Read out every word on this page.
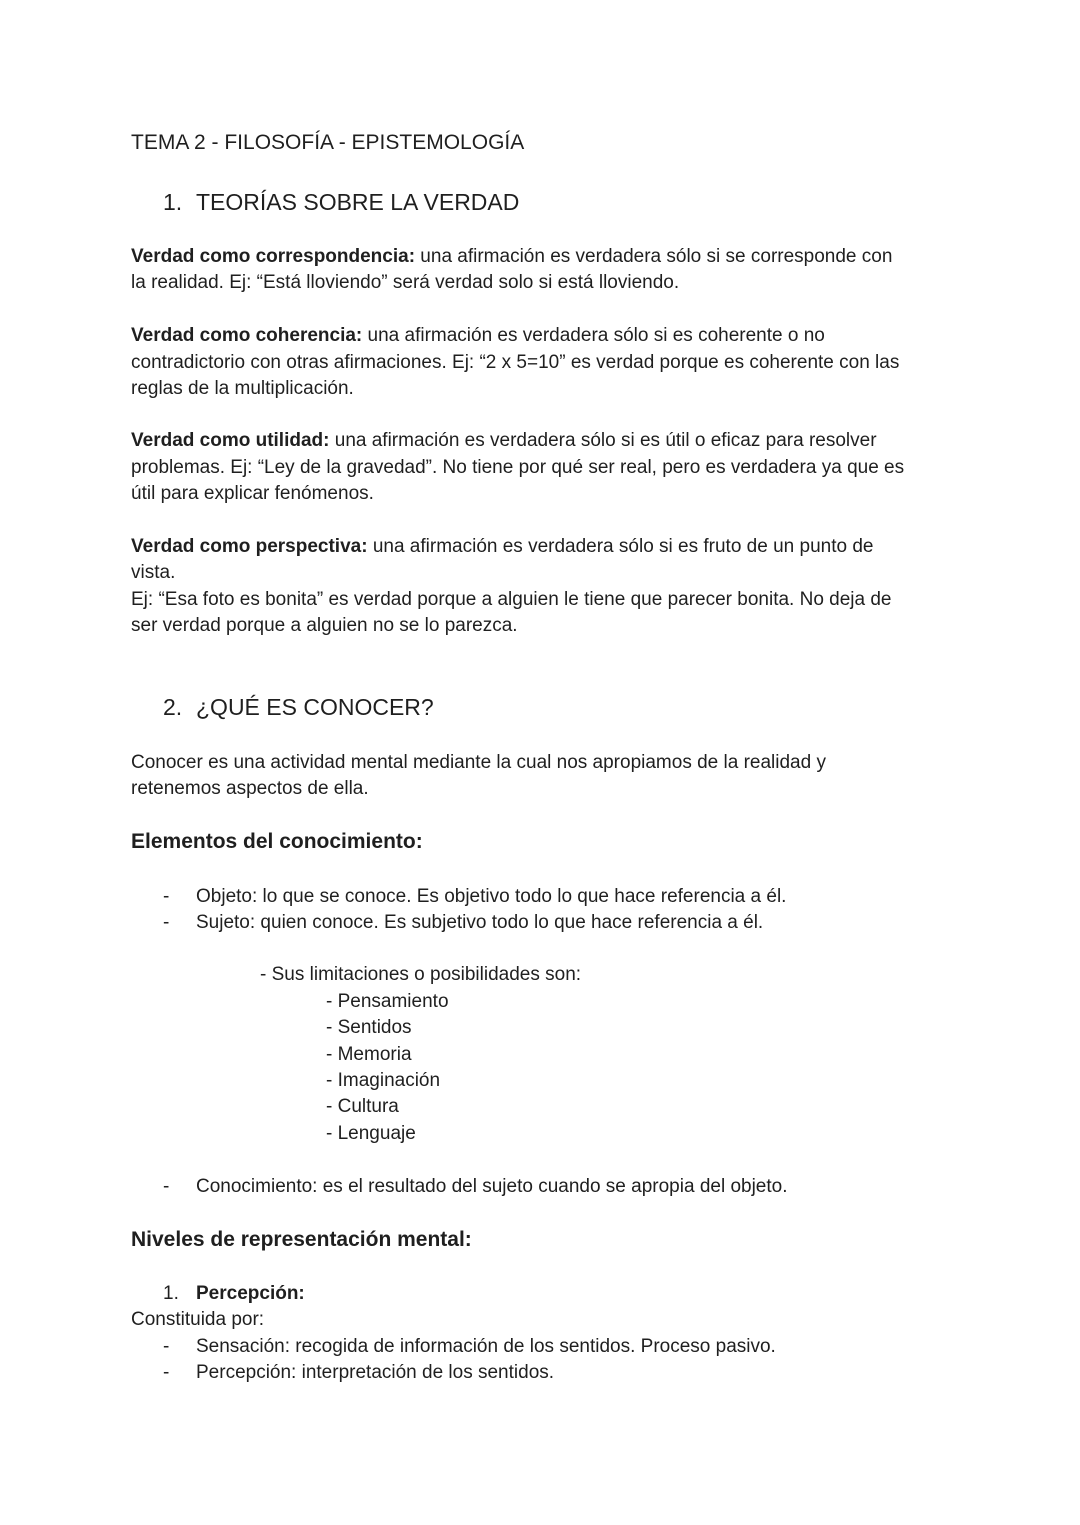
TEMA 2 - FILOSOFÍA - EPISTEMOLOGÍA
1. TEORÍAS SOBRE LA VERDAD
Verdad como correspondencia: una afirmación es verdadera sólo si se corresponde con
la realidad. Ej: “Está lloviendo” será verdad solo si está lloviendo.
Verdad como coherencia: una afirmación es verdadera sólo si es coherente o no
contradictorio con otras afirmaciones. Ej: “2 x 5=10” es verdad porque es coherente con las
reglas de la multiplicación.
Verdad como utilidad: una afirmación es verdadera sólo si es útil o eficaz para resolver
problemas. Ej: “Ley de la gravedad”. No tiene por qué ser real, pero es verdadera ya que es
útil para explicar fenómenos.
Verdad como perspectiva: una afirmación es verdadera sólo si es fruto de un punto de
vista.
Ej: “Esa foto es bonita” es verdad porque a alguien le tiene que parecer bonita. No deja de
ser verdad porque a alguien no se lo parezca.
2. ¿QUÉ ES CONOCER?
Conocer es una actividad mental mediante la cual nos apropiamos de la realidad y
retenemos aspectos de ella.
Elementos del conocimiento:
- Objeto: lo que se conoce. Es objetivo todo lo que hace referencia a él.
- Sujeto: quien conoce. Es subjetivo todo lo que hace referencia a él.
- Sus limitaciones o posibilidades son:
- Pensamiento
- Sentidos
- Memoria
- Imaginación
- Cultura
- Lenguaje
- Conocimiento: es el resultado del sujeto cuando se apropia del objeto.
Niveles de representación mental:
1. Percepción:
Constituida por:
- Sensación: recogida de información de los sentidos. Proceso pasivo.
- Percepción: interpretación de los sentidos.
